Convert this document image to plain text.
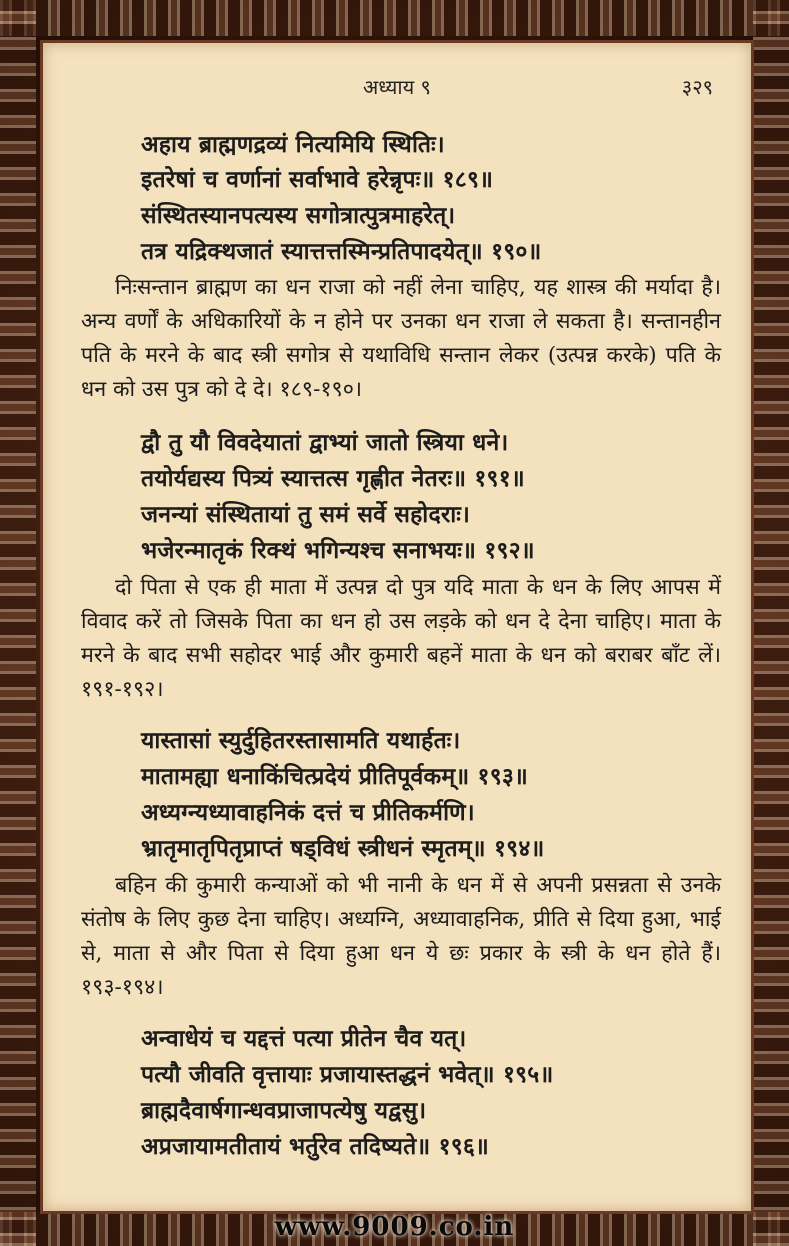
अध्याय ९	३२९
अहाय ब्राह्मणद्रव्यं नित्यमियि स्थितिः।
इतरेषां च वर्णानां सर्वाभावे हरेन्नृपः॥ १८९॥
संस्थितस्यानपत्यस्य सगोत्रात्पुत्रमाहरेत्।
तत्र यद्रिक्थजातं स्यात्तत्तस्मिन्प्रतिपादयेत्॥ १९०॥

निःसन्तान ब्राह्मण का धन राजा को नहीं लेना चाहिए, यह शास्त्र की मर्यादा है। अन्य वर्णों के अधिकारियों के न होने पर उनका धन राजा ले सकता है। सन्तानहीन पति के मरने के बाद स्त्री सगोत्र से यथाविधि सन्तान लेकर (उत्पन्न करके) पति के धन को उस पुत्र को दे दे। १८९-१९०।

द्वौ तु यौ विवदेयातां द्वाभ्यां जातो स्त्रिया धने।
तयोर्यद्यस्य पित्र्यं स्यात्तत्स गृह्णीत नेतरः॥ १९१॥
जनन्यां संस्थितायां तु समं सर्वे सहोदराः।
भजेरन्मातृकं रिक्थं भगिन्यश्च सनाभयः॥ १९२॥

दो पिता से एक ही माता में उत्पन्न दो पुत्र यदि माता के धन के लिए आपस में विवाद करें तो जिसके पिता का धन हो उस लड़के को धन दे देना चाहिए। माता के मरने के बाद सभी सहोदर भाई और कुमारी बहनें माता के धन को बराबर बाँट लें। १९१-१९२।

यास्तासां स्युर्दुहितरस्तासामति यथार्हतः।
मातामह्या धनाकिंचित्प्रदेयं प्रीतिपूर्वकम्॥ १९३॥
अध्यग्न्यध्यावाहनिकं दत्तं च प्रीतिकर्मणि।
भ्रातृमातृपितृप्राप्तं षड्विधं स्त्रीधनं स्मृतम्॥ १९४॥

बहिन की कुमारी कन्याओं को भी नानी के धन में से अपनी प्रसन्नता से उनके संतोष के लिए कुछ देना चाहिए। अध्यग्नि, अध्यावाहनिक, प्रीति से दिया हुआ, भाई से, माता से और पिता से दिया हुआ धन ये छः प्रकार के स्त्री के धन होते हैं। १९३-१९४।

अन्वाधेयं च यद्दत्तं पत्या प्रीतेन चैव यत्।
पत्यौ जीवति वृत्तायाः प्रजायास्तद्धनं भवेत्॥ १९५॥
ब्राह्मदैवार्षगान्धवप्राजापत्येषु यद्वसु।
अप्रजायामतीतायं भर्तुरेव तदिष्यते॥ १९६॥
www.9009.co.in
